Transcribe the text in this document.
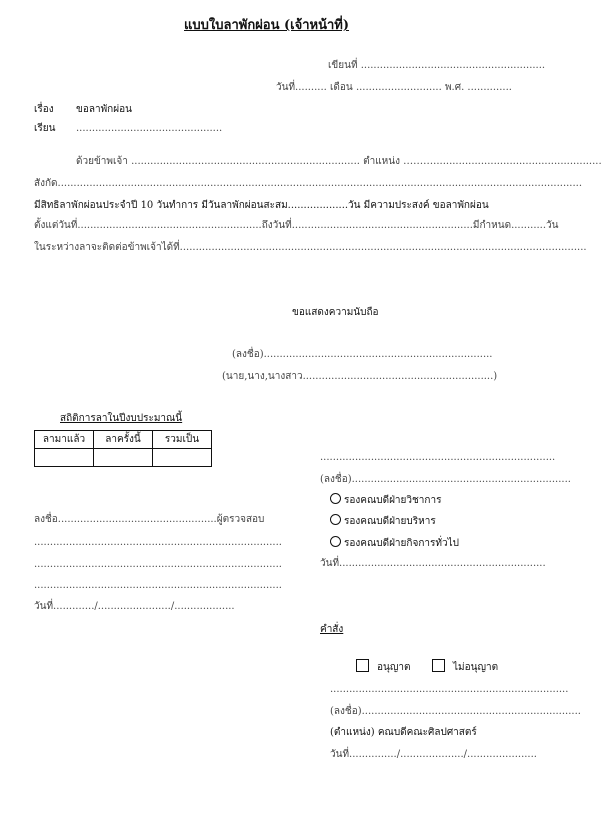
แบบใบลาพักผ่อน (เจ้าหน้าที่)
เขียนที่ ..........................................................
วันที่.......... เดือน ........................... พ.ศ. ..............
เรื่อง ขอลาพักผ่อน
เรียน ..............................................
ด้วยข้าพเจ้า ........................................................................ ตำแหน่ง ……….....................................................
สังกัด.....................................................................................................................................................................
มีสิทธิลาพักผ่อนประจำปี 10 วันทำการ มีวันลาพักผ่อนสะสม...................วัน มีความประสงค์ ขอลาพักผ่อน
ตั้งแต่วันที่..........................................................ถึงวันที่.........................................................มีกำหนด...........วัน
ในระหว่างลาจะติดต่อข้าพเจ้าได้ที่................................................................................................................................
ขอแสดงความนับถือ
(ลงชื่อ)........................................................................
(นาย,นาง,นางสาว............................................................)
สถิติการลาในปีงบประมาณนี้
ลามาแล้ว	ลาครั้งนี้	รวมเป็น

..........................................................................
(ลงชื่อ).....................................................................
รองคณบดีฝ่ายวิชาการ
รองคณบดีฝ่ายบริหาร
รองคณบดีฝ่ายกิจการทั่วไป
วันที่.................................................................
ลงชื่อ..................................................ผู้ตรวจสอบ
..............................................................................
..............................................................................
..............................................................................
วันที่............./......................./...................
คำสั่ง
อนุญาต	ไม่อนุญาต
...........................................................................
(ลงชื่อ).....................................................................
(ตำแหน่ง) คณบดีคณะศิลปศาสตร์
วันที่.............../..................../......................
